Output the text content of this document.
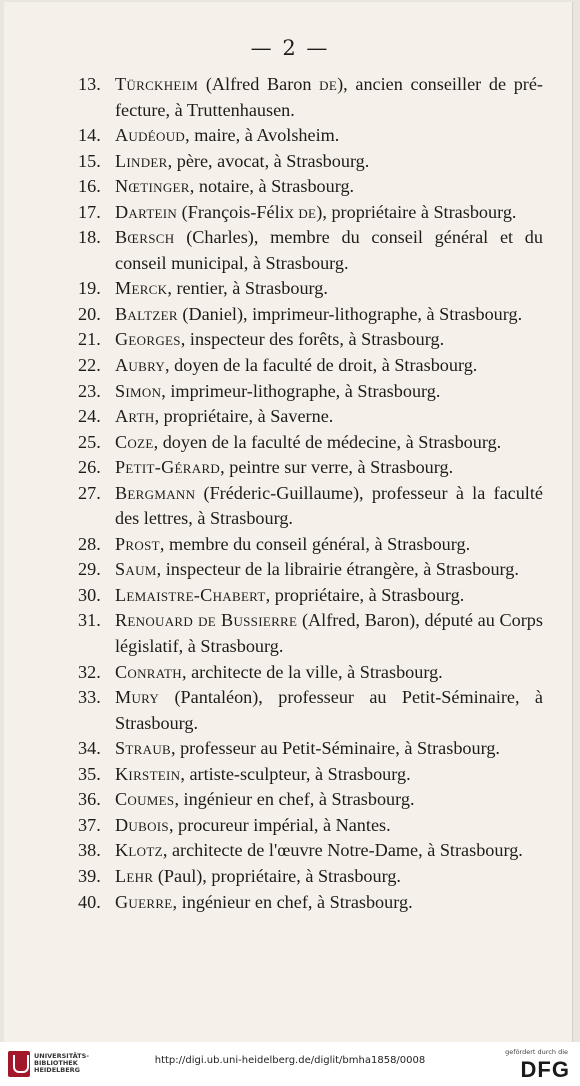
— 2 —
13. Türckheim (Alfred Baron de), ancien conseiller de pré-
fecture, à Truttenhausen.
14. Audéoud, maire, à Avolsheim.
15. Linder, père, avocat, à Strasbourg.
16. Nœtinger, notaire, à Strasbourg.
17. Dartein (François-Félix de), propriétaire à Strasbourg.
18. Bœrsch (Charles), membre du conseil général et du
conseil municipal, à Strasbourg.
19. Merck, rentier, à Strasbourg.
20. Baltzer (Daniel), imprimeur-lithographe, à Strasbourg.
21. Georges, inspecteur des forêts, à Strasbourg.
22. Aubry, doyen de la faculté de droit, à Strasbourg.
23. Simon, imprimeur-lithographe, à Strasbourg.
24. Arth, propriétaire, à Saverne.
25. Coze, doyen de la faculté de médecine, à Strasbourg.
26. Petit-Gérard, peintre sur verre, à Strasbourg.
27. Bergmann (Fréderic-Guillaume), professeur à la faculté
des lettres, à Strasbourg.
28. Prost, membre du conseil général, à Strasbourg.
29. Saum, inspecteur de la librairie étrangère, à Strasbourg.
30. Lemaistre-Chabert, propriétaire, à Strasbourg.
31. Renouard de Bussierre (Alfred, Baron), député au Corps
législatif, à Strasbourg.
32. Conrath, architecte de la ville, à Strasbourg.
33. Mury (Pantaléon), professeur au Petit-Séminaire, à
Strasbourg.
34. Straub, professeur au Petit-Séminaire, à Strasbourg.
35. Kirstein, artiste-sculpteur, à Strasbourg.
36. Coumes, ingénieur en chef, à Strasbourg.
37. Dubois, procureur impérial, à Nantes.
38. Klotz, architecte de l'œuvre Notre-Dame, à Strasbourg.
39. Lehr (Paul), propriétaire, à Strasbourg.
40. Guerre, ingénieur en chef, à Strasbourg.
UNIVERSITÄTS-
BIBLIOTHEK
HEIDELBERG
http://digi.ub.uni-heidelberg.de/diglit/bmha1858/0008
gefördert durch die
DFG
